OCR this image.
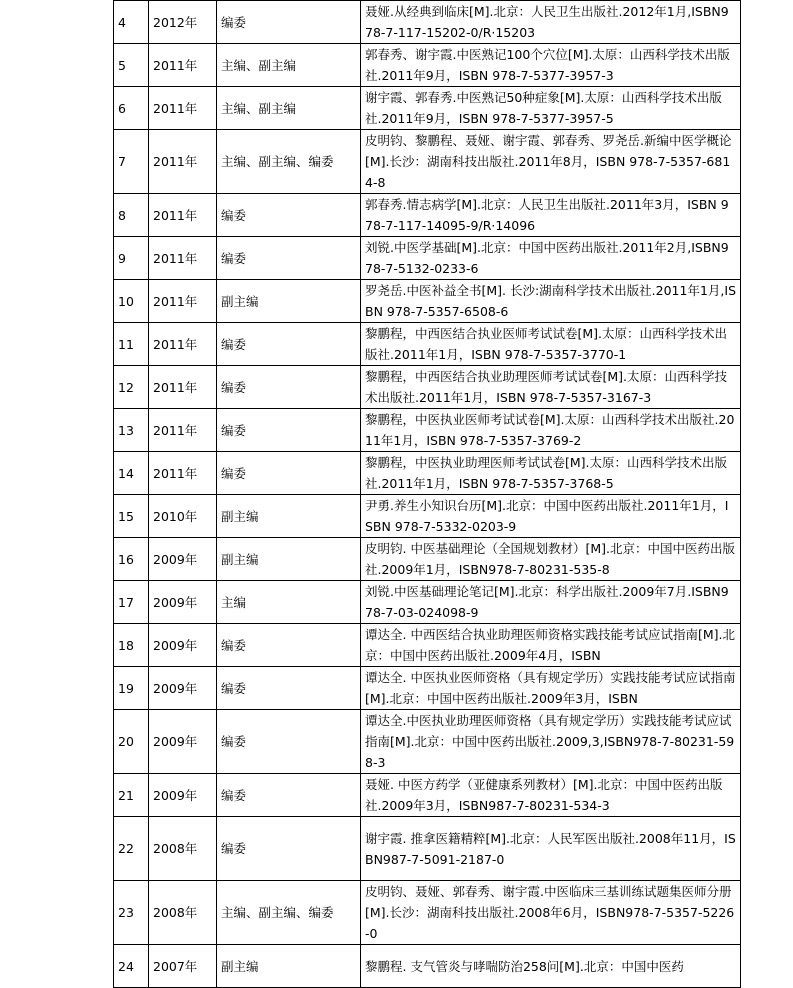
4	2012年	编委	聂娅.从经典到临床[M].北京：人民卫生出版社.2012年1月,ISBN978-7-117-15202-0/R·15203
5	2011年	主编、副主编	郭春秀、谢宇霞.中医熟记100个穴位[M].太原：山西科学技术出版社.2011年9月，ISBN 978-7-5377-3957-3
6	2011年	主编、副主编	谢宇霞、郭春秀.中医熟记50种症象[M].太原：山西科学技术出版社.2011年9月，ISBN 978-7-5377-3957-5
7	2011年	主编、副主编、编委	皮明钧、黎鹏程、聂娅、谢宇霞、郭春秀、罗尧岳.新编中医学概论[M].长沙：湖南科技出版社.2011年8月，ISBN 978-7-5357-6814-8
8	2011年	编委	郭春秀.情志病学[M].北京：人民卫生出版社.2011年3月，ISBN 978-7-117-14095-9/R·14096
9	2011年	编委	刘锐.中医学基础[M].北京：中国中医药出版社.2011年2月,ISBN978-7-5132-0233-6
10	2011年	副主编	罗尧岳.中医补益全书[M]. 长沙:湖南科学技术出版社.2011年1月,ISBN 978-7-5357-6508-6
11	2011年	编委	黎鹏程，中西医结合执业医师考试试卷[M].太原：山西科学技术出版社.2011年1月，ISBN 978-7-5357-3770-1
12	2011年	编委	黎鹏程，中西医结合执业助理医师考试试卷[M].太原：山西科学技术出版社.2011年1月，ISBN 978-7-5357-3167-3
13	2011年	编委	黎鹏程，中医执业医师考试试卷[M].太原：山西科学技术出版社.2011年1月，ISBN 978-7-5357-3769-2
14	2011年	编委	黎鹏程，中医执业助理医师考试试卷[M].太原：山西科学技术出版社.2011年1月，ISBN 978-7-5357-3768-5
15	2010年	副主编	尹勇.养生小知识台历[M].北京：中国中医药出版社.2011年1月，ISBN 978-7-5332-0203-9
16	2009年	副主编	皮明钧. 中医基础理论（全国规划教材）[M].北京：中国中医药出版社.2009年1月，ISBN978-7-80231-535-8
17	2009年	主编	刘锐.中医基础理论笔记[M].北京：科学出版社.2009年7月.ISBN978-7-03-024098-9
18	2009年	编委	谭达全. 中西医结合执业助理医师资格实践技能考试应试指南[M].北京：中国中医药出版社.2009年4月，ISBN
19	2009年	编委	谭达全. 中医执业医师资格（具有规定学历）实践技能考试应试指南 [M].北京：中国中医药出版社.2009年3月，ISBN
20	2009年	编委	谭达全.中医执业助理医师资格（具有规定学历）实践技能考试应试指南[M].北京：中国中医药出版社.2009,3,ISBN978-7-80231-598-3
21	2009年	编委	聂娅. 中医方药学（亚健康系列教材）[M].北京：中国中医药出版社.2009年3月，ISBN987-7-80231-534-3
22	2008年	编委	谢宇霞. 推拿医籍精粹[M].北京：人民军医出版社.2008年11月，ISBN987-7-5091-2187-0
23	2008年	主编、副主编、编委	皮明钧、聂娅、郭春秀、谢宇霞.中医临床三基训练试题集医师分册[M].长沙：湖南科技出版社.2008年6月，ISBN978-7-5357-5226-0
24	2007年	副主编	黎鹏程. 支气管炎与哮喘防治258问[M].北京：中国中医药
